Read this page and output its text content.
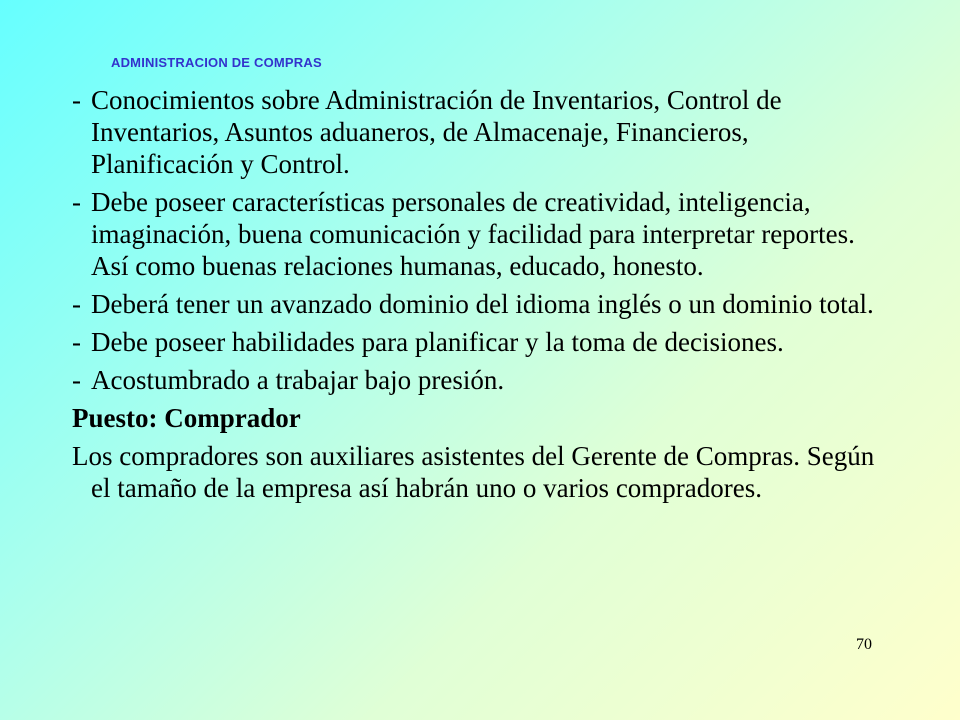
ADMINISTRACION DE COMPRAS
- Conocimientos sobre Administración de Inventarios, Control de Inventarios, Asuntos aduaneros, de Almacenaje, Financieros, Planificación y Control.
- Debe poseer características personales de creatividad, inteligencia, imaginación, buena comunicación y facilidad para interpretar reportes. Así como buenas relaciones humanas, educado, honesto.
- Deberá tener un avanzado dominio del idioma inglés o un dominio total.
- Debe poseer habilidades para planificar y la toma de decisiones.
- Acostumbrado a trabajar bajo presión.
Puesto: Comprador
Los compradores son auxiliares asistentes del Gerente de Compras. Según el tamaño de la empresa así habrán uno o varios compradores.
70
